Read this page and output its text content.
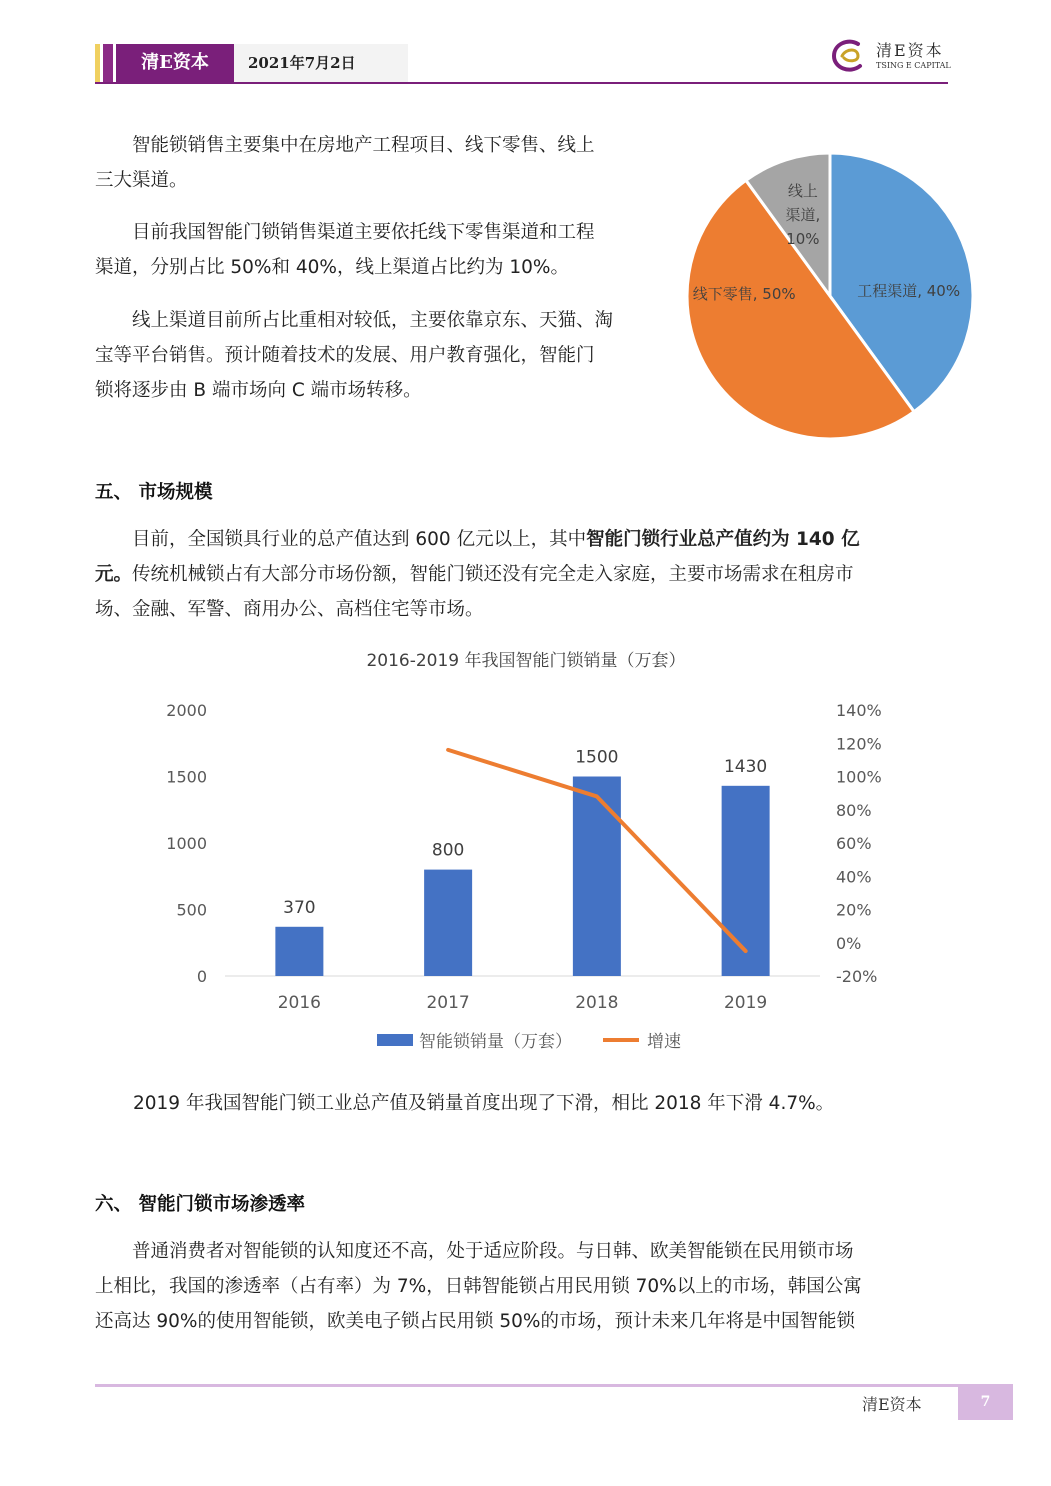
清E资本	2021年7月2日
清E资本
TSING E CAPITAL
智能锁销售主要集中在房地产工程项目、线下零售、线上
三大渠道。
目前我国智能门锁销售渠道主要依托线下零售渠道和工程
渠道，分别占比 50%和 40%，线上渠道占比约为 10%。
线上渠道目前所占比重相对较低，主要依靠京东、天猫、淘
宝等平台销售。预计随着技术的发展、用户教育强化，智能门
锁将逐步由 B 端市场向 C 端市场转移。
工程渠道, 40%
线下零售, 50%
线上
渠道,
10%
五、 市场规模
目前，全国锁具行业的总产值达到 600 亿元以上，其中智能门锁行业总产值约为 140 亿
元。传统机械锁占有大部分市场份额，智能门锁还没有完全走入家庭，主要市场需求在租房市
场、金融、军警、商用办公、高档住宅等市场。
2016-2019 年我国智能门锁销量（万套）
0
500
1000
1500
2000
-20%
0%
20%
40%
60%
80%
100%
120%
140%
370
2016
800
2017
1500
2018
1430
2019
智能锁销量（万套）	增速
2019 年我国智能门锁工业总产值及销量首度出现了下滑，相比 2018 年下滑 4.7%。
六、 智能门锁市场渗透率
普通消费者对智能锁的认知度还不高，处于适应阶段。与日韩、欧美智能锁在民用锁市场
上相比，我国的渗透率（占有率）为 7%，日韩智能锁占用民用锁 70%以上的市场，韩国公寓
还高达 90%的使用智能锁，欧美电子锁占民用锁 50%的市场，预计未来几年将是中国智能锁
清E资本	7
